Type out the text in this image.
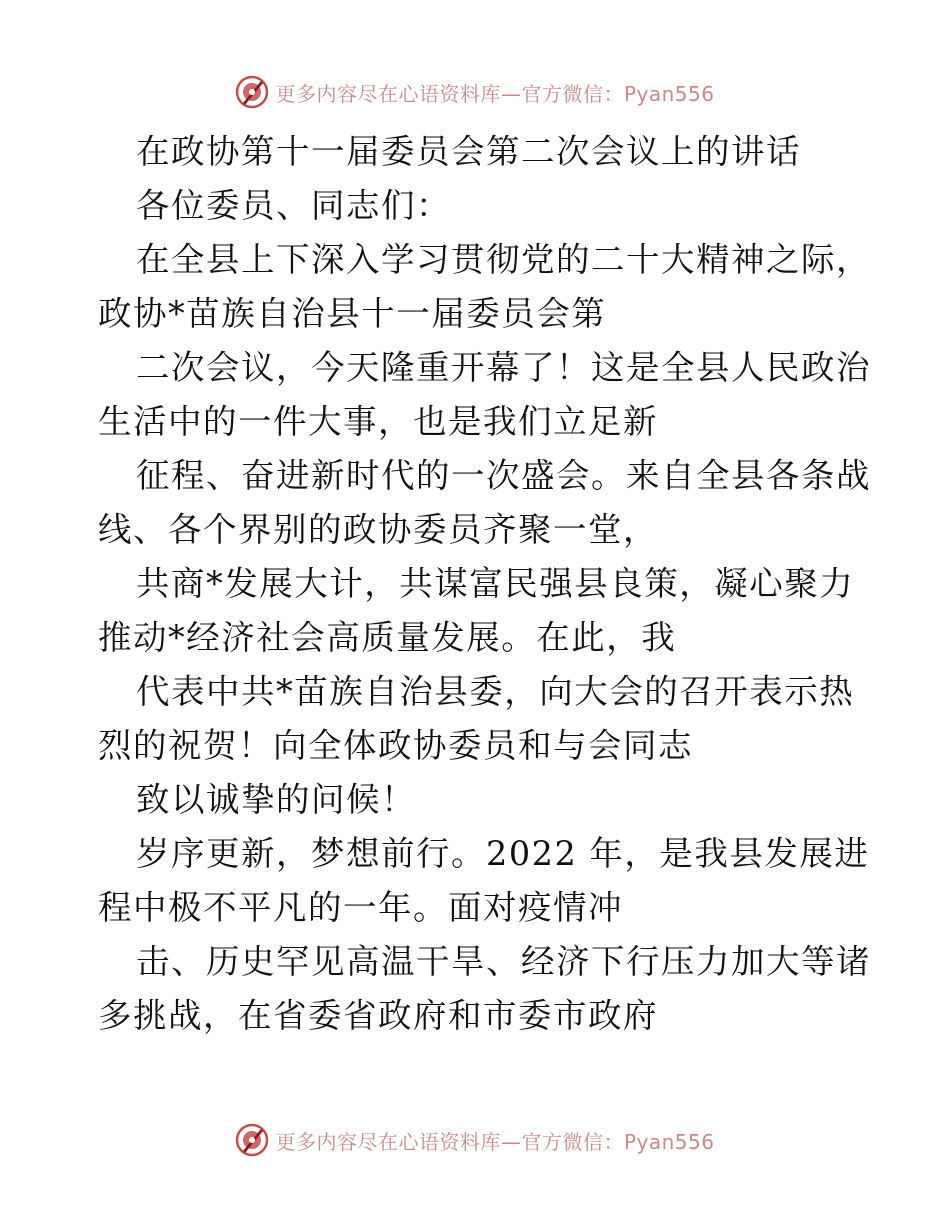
更多内容尽在心语资料库—官方微信：Pyan556
在政协第十一届委员会第二次会议上的讲话
各位委员、同志们：
在全县上下深入学习贯彻党的二十大精神之际，
政协*苗族自治县十一届委员会第
二次会议，今天隆重开幕了！这是全县人民政治
生活中的一件大事，也是我们立足新
征程、奋进新时代的一次盛会。来自全县各条战
线、各个界别的政协委员齐聚一堂，
共商*发展大计，共谋富民强县良策，凝心聚力
推动*经济社会高质量发展。在此，我
代表中共*苗族自治县委，向大会的召开表示热
烈的祝贺！向全体政协委员和与会同志
致以诚挚的问候！
岁序更新，梦想前行。2022 年，是我县发展进
程中极不平凡的一年。面对疫情冲
击、历史罕见高温干旱、经济下行压力加大等诸
多挑战，在省委省政府和市委市政府
更多内容尽在心语资料库—官方微信：Pyan556
